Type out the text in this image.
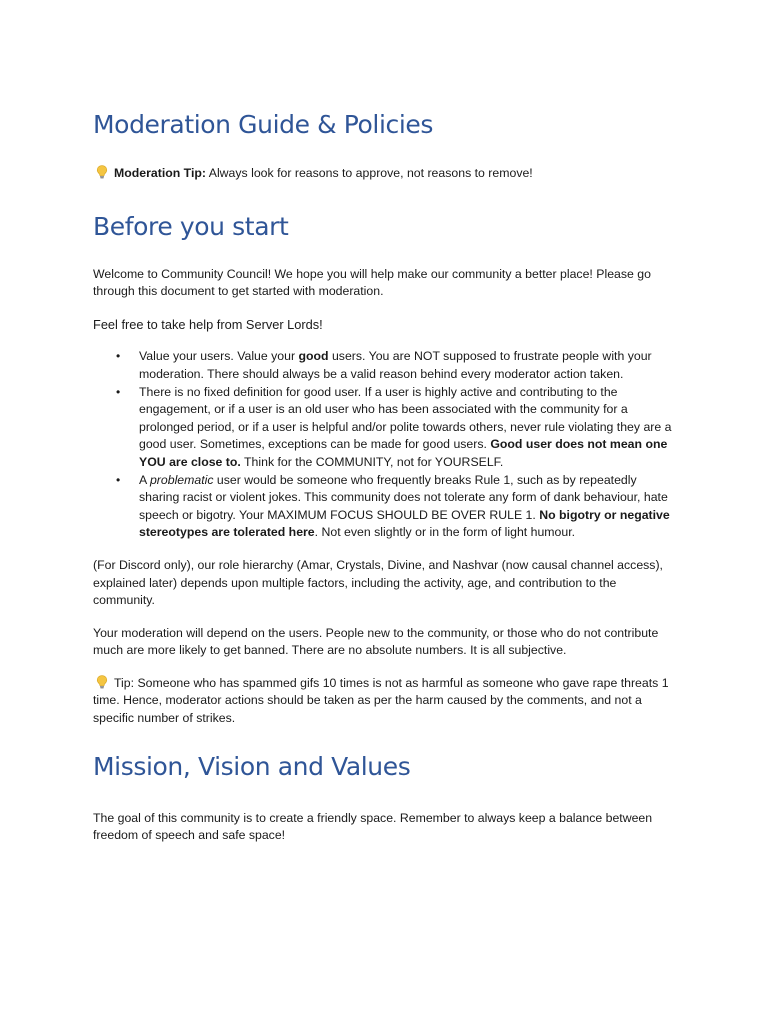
Moderation Guide & Policies

Moderation Tip: Always look for reasons to approve, not reasons to remove!

Before you start

Welcome to Community Council! We hope you will help make our community a better place! Please go through this document to get started with moderation.

Feel free to take help from Server Lords!

• Value your users. Value your good users. You are NOT supposed to frustrate people with your moderation. There should always be a valid reason behind every moderator action taken.
• There is no fixed definition for good user. If a user is highly active and contributing to the engagement, or if a user is an old user who has been associated with the community for a prolonged period, or if a user is helpful and/or polite towards others, never rule violating they are a good user. Sometimes, exceptions can be made for good users. Good user does not mean one YOU are close to. Think for the COMMUNITY, not for YOURSELF.
• A problematic user would be someone who frequently breaks Rule 1, such as by repeatedly sharing racist or violent jokes. This community does not tolerate any form of dank behaviour, hate speech or bigotry. Your MAXIMUM FOCUS SHOULD BE OVER RULE 1. No bigotry or negative stereotypes are tolerated here. Not even slightly or in the form of light humour.

(For Discord only), our role hierarchy (Amar, Crystals, Divine, and Nashvar (now causal channel access), explained later) depends upon multiple factors, including the activity, age, and contribution to the community.

Your moderation will depend on the users. People new to the community, or those who do not contribute much are more likely to get banned. There are no absolute numbers. It is all subjective.

Tip: Someone who has spammed gifs 10 times is not as harmful as someone who gave rape threats 1 time. Hence, moderator actions should be taken as per the harm caused by the comments, and not a specific number of strikes.

Mission, Vision and Values

The goal of this community is to create a friendly space. Remember to always keep a balance between freedom of speech and safe space!
